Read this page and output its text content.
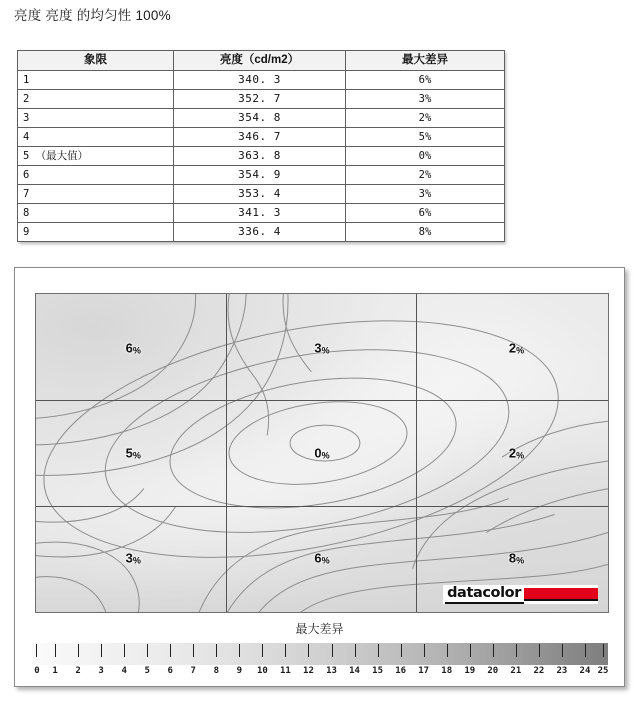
亮度 亮度 的均匀性 100%
象限	亮度（cd/m2）	最大差异
1	340. 3	6%
2	352. 7	3%
3	354. 8	2%
4	346. 7	5%
5 （最大值）	363. 8	0%
6	354. 9	2%
7	353. 4	3%
8	341. 3	6%
9	336. 4	8%
6%	3%	2%
5%	0%	2%
3%	6%	8%
datacolor
最大差异
0 1 2 3 4 5 6 7 8 9 10 11 12 13 14 15 16 17 18 19 20 21 22 23 24 25
